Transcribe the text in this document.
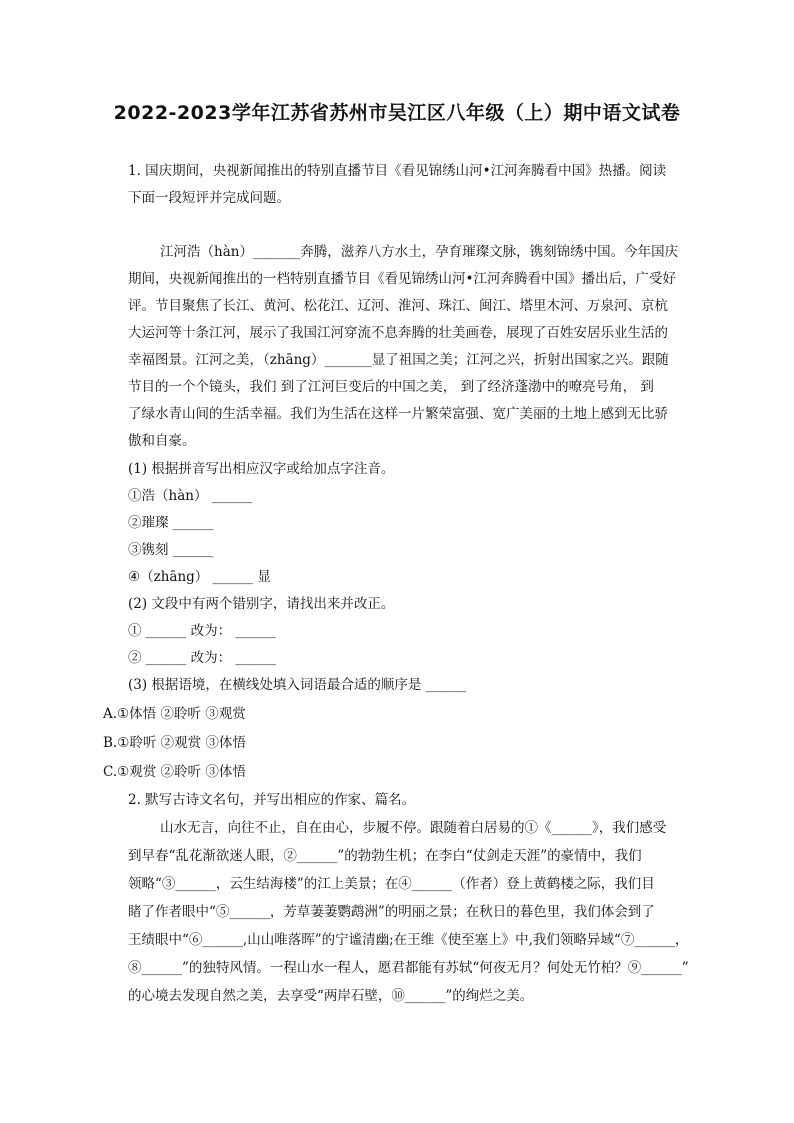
2022-2023学年江苏省苏州市吴江区八年级（上）期中语文试卷
1. 国庆期间，央视新闻推出的特别直播节目《看见锦绣山河•江河奔腾看中国》热播。阅读
下面一段短评并完成问题。
江河浩（hàn）_______奔腾，滋养八方水土，孕育璀璨文脉，镌刻锦绣中国。今年国庆
期间，央视新闻推出的一档特别直播节目《看见锦绣山河•江河奔腾看中国》播出后，广受好
评。节目聚焦了长江、黄河、松花江、辽河、淮河、珠江、闽江、塔里木河、万泉河、京杭
大运河等十条江河，展示了我国江河穿流不息奔腾的壮美画卷，展现了百姓安居乐业生活的
幸福图景。江河之美，（zhāng）_______显了祖国之美；江河之兴，折射出国家之兴。跟随
节目的一个个镜头，我们 到了江河巨变后的中国之美， 到了经济蓬渤中的嘹亮号角， 到
了绿水青山间的生活幸福。我们为生活在这样一片繁荣富强、宽广美丽的土地上感到无比骄
傲和自豪。
(1) 根据拼音写出相应汉字或给加点字注音。
①浩（hàn） ______
②璀璨 ______
③镌刻 ______
④（zhāng） ______ 显
(2) 文段中有两个错别字，请找出来并改正。
① ______ 改为： ______
② ______ 改为： ______
(3) 根据语境，在横线处填入词语最合适的顺序是 ______
A.①体悟 ②聆听 ③观赏
B.①聆听 ②观赏 ③体悟
C.①观赏 ②聆听 ③体悟
2. 默写古诗文名句，并写出相应的作家、篇名。
山水无言，向往不止，自在由心，步履不停。跟随着白居易的①《______》，我们感受
到早春“乱花渐欲迷人眼，②______”的勃勃生机；在李白“仗剑走天涯”的豪情中，我们
领略“③______，云生结海楼”的江上美景；在④______（作者）登上黄鹤楼之际，我们目
睹了作者眼中“⑤______，芳草萋萋鹦鹉洲”的明丽之景；在秋日的暮色里，我们体会到了
王绩眼中“⑥______,山山唯落晖”的宁谧清幽;在王维《使至塞上》中,我们领略异域“⑦______，
⑧______”的独特风情。一程山水一程人，愿君都能有苏轼“何夜无月？何处无竹柏？⑨______”
的心境去发现自然之美，去享受“两岸石壁，⑩______”的绚烂之美。
